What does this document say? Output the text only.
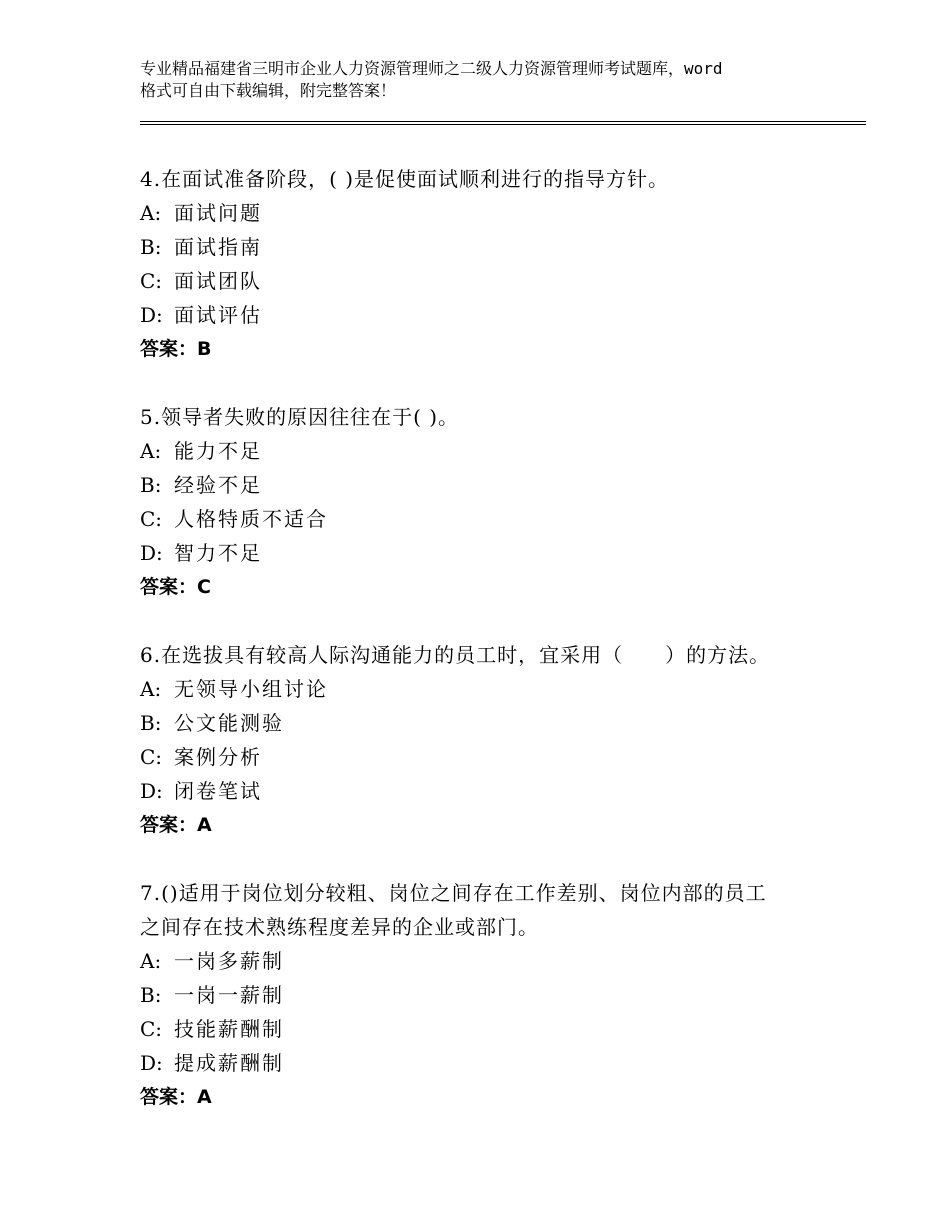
专业精品福建省三明市企业人力资源管理师之二级人力资源管理师考试题库，word
格式可自由下载编辑，附完整答案！
4.在面试准备阶段，( )是促使面试顺利进行的指导方针。
A: 面试问题
B: 面试指南
C: 面试团队
D: 面试评估
答案：B
5.领导者失败的原因往往在于( )。
A: 能力不足
B: 经验不足
C: 人格特质不适合
D: 智力不足
答案：C
6.在选拔具有较高人际沟通能力的员工时，宜采用（　　）的方法。
A: 无领导小组讨论
B: 公文能测验
C: 案例分析
D: 闭卷笔试
答案：A
7.()适用于岗位划分较粗、岗位之间存在工作差别、岗位内部的员工
之间存在技术熟练程度差异的企业或部门。
A: 一岗多薪制
B: 一岗一薪制
C: 技能薪酬制
D: 提成薪酬制
答案：A
